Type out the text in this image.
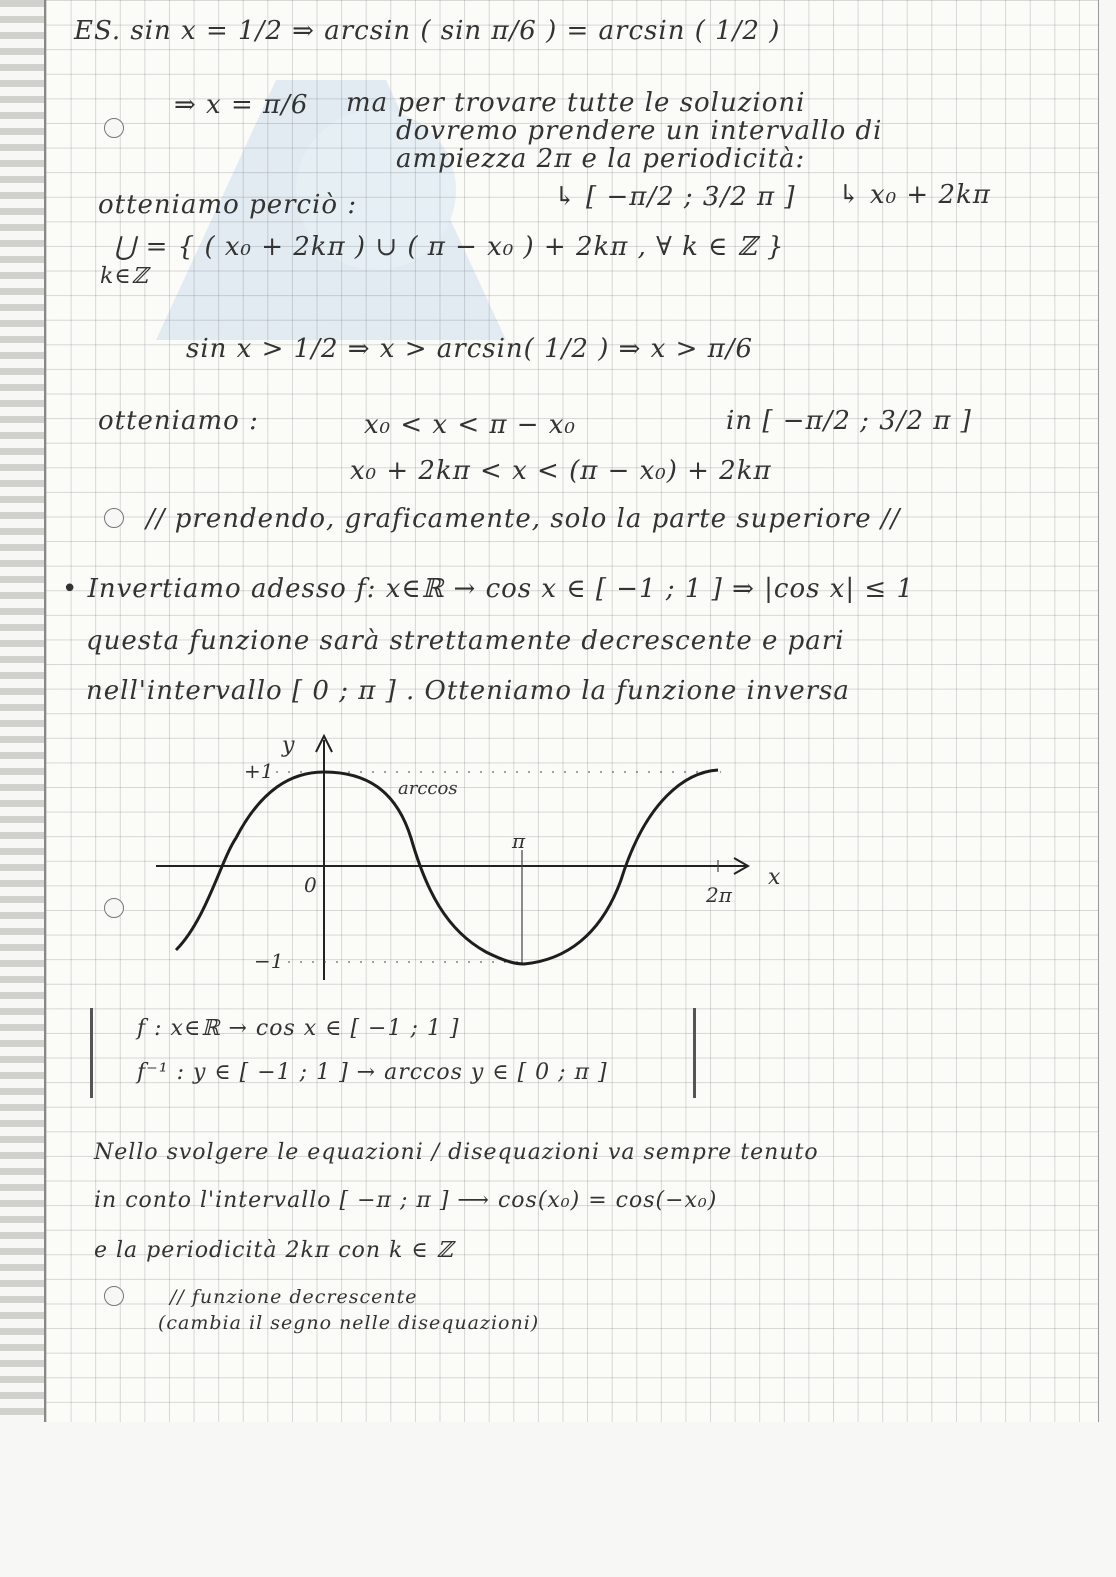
ES. sin x = 1/2 ⇒ arcsin ( sin π/6 ) = arcsin ( 1/2 )
⇒ x = π/6 ma per trovare tutte le soluzioni
dovremo prendere un intervallo di
ampiezza 2π e la periodicità:
otteniamo perciò :	↳ [ −π/2 ; 3/2 π ] ↳ x₀ + 2kπ
⋃ = { ( x₀ + 2kπ ) ∪ ( π − x₀ ) + 2kπ , ∀ k ∈ ℤ }
k∈ℤ
sin x > 1/2 ⇒ x > arcsin( 1/2 ) ⇒ x > π/6
otteniamo :	x₀ < x < π − x₀	in [ −π/2 ; 3/2 π ]
x₀ + 2kπ < x < (π − x₀) + 2kπ
// prendendo, graficamente, solo la parte superiore //
• Invertiamo adesso f: x∈ℝ → cos x ∈ [ −1 ; 1 ] ⇒ |cos x| ≤ 1
questa funzione sarà strettamente decrescente e pari
nell'intervallo [ 0 ; π ] . Otteniamo la funzione inversa
y
x
+1
−1
0
π
2π
arccos
f : x∈ℝ → cos x ∈ [ −1 ; 1 ]
f⁻¹ : y ∈ [ −1 ; 1 ] → arccos y ∈ [ 0 ; π ]
Nello svolgere le equazioni / disequazioni va sempre tenuto
in conto l'intervallo [ −π ; π ] ⟶ cos(x₀) = cos(−x₀)
e la periodicità 2kπ con k ∈ ℤ
// funzione decrescente
(cambia il segno nelle disequazioni)
